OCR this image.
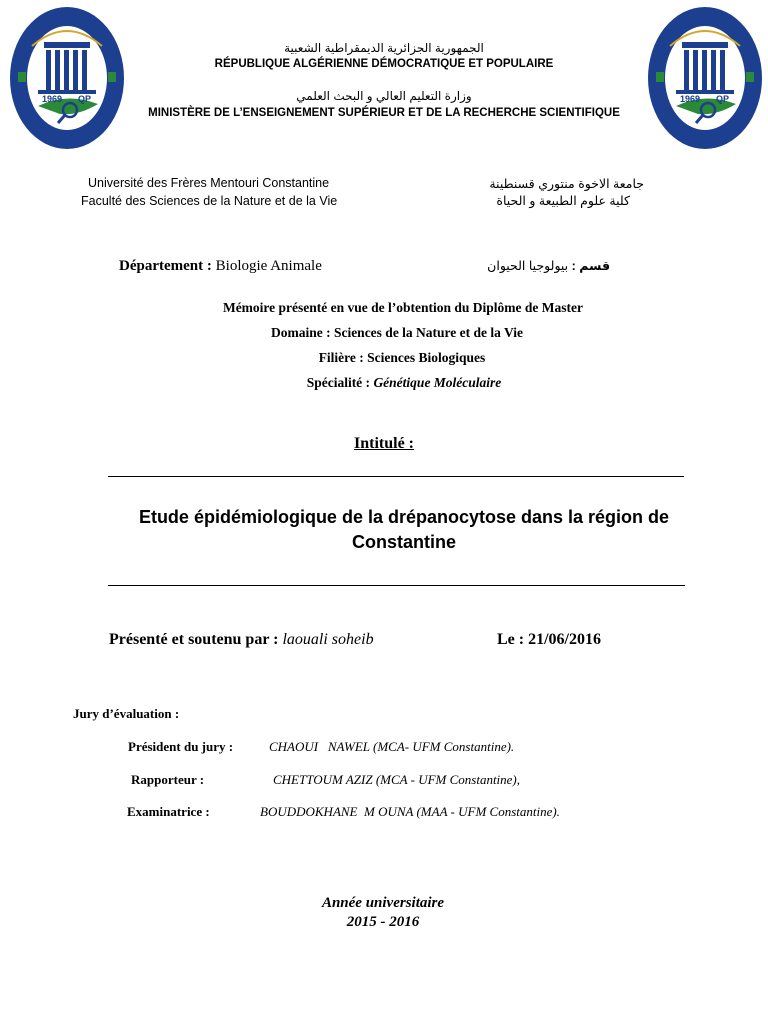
1969 QP	1969 QP
الجمهورية الجزائرية الديمقراطية الشعبية
RÉPUBLIQUE ALGÉRIENNE DÉMOCRATIQUE ET POPULAIRE
وزارة التعليم العالي و البحث العلمي
MINISTÈRE DE L’ENSEIGNEMENT SUPÉRIEUR ET DE LA RECHERCHE SCIENTIFIQUE
Université des Frères Mentouri Constantine
Faculté des Sciences de la Nature et de la Vie
جامعة الاخوة منتوري قسنطينة
كلية علوم الطبيعة و الحياة
Département : Biologie Animale	قسم : بيولوجيا الحيوان
Mémoire présenté en vue de l’obtention du Diplôme de Master
Domaine : Sciences de la Nature et de la Vie
Filière : Sciences Biologiques
Spécialité : Génétique Moléculaire
Intitulé :
Etude épidémiologique de la drépanocytose dans la région de
Constantine
Présenté et soutenu par : laouali soheib	Le : 21/06/2016
Jury d’évaluation :
Président du jury :	CHAOUI   NAWEL (MCA- UFM Constantine).
Rapporteur :	CHETTOUM AZIZ (MCA - UFM Constantine),
Examinatrice :	BOUDDOKHANE  M OUNA (MAA - UFM Constantine).
Année universitaire
2015 - 2016
